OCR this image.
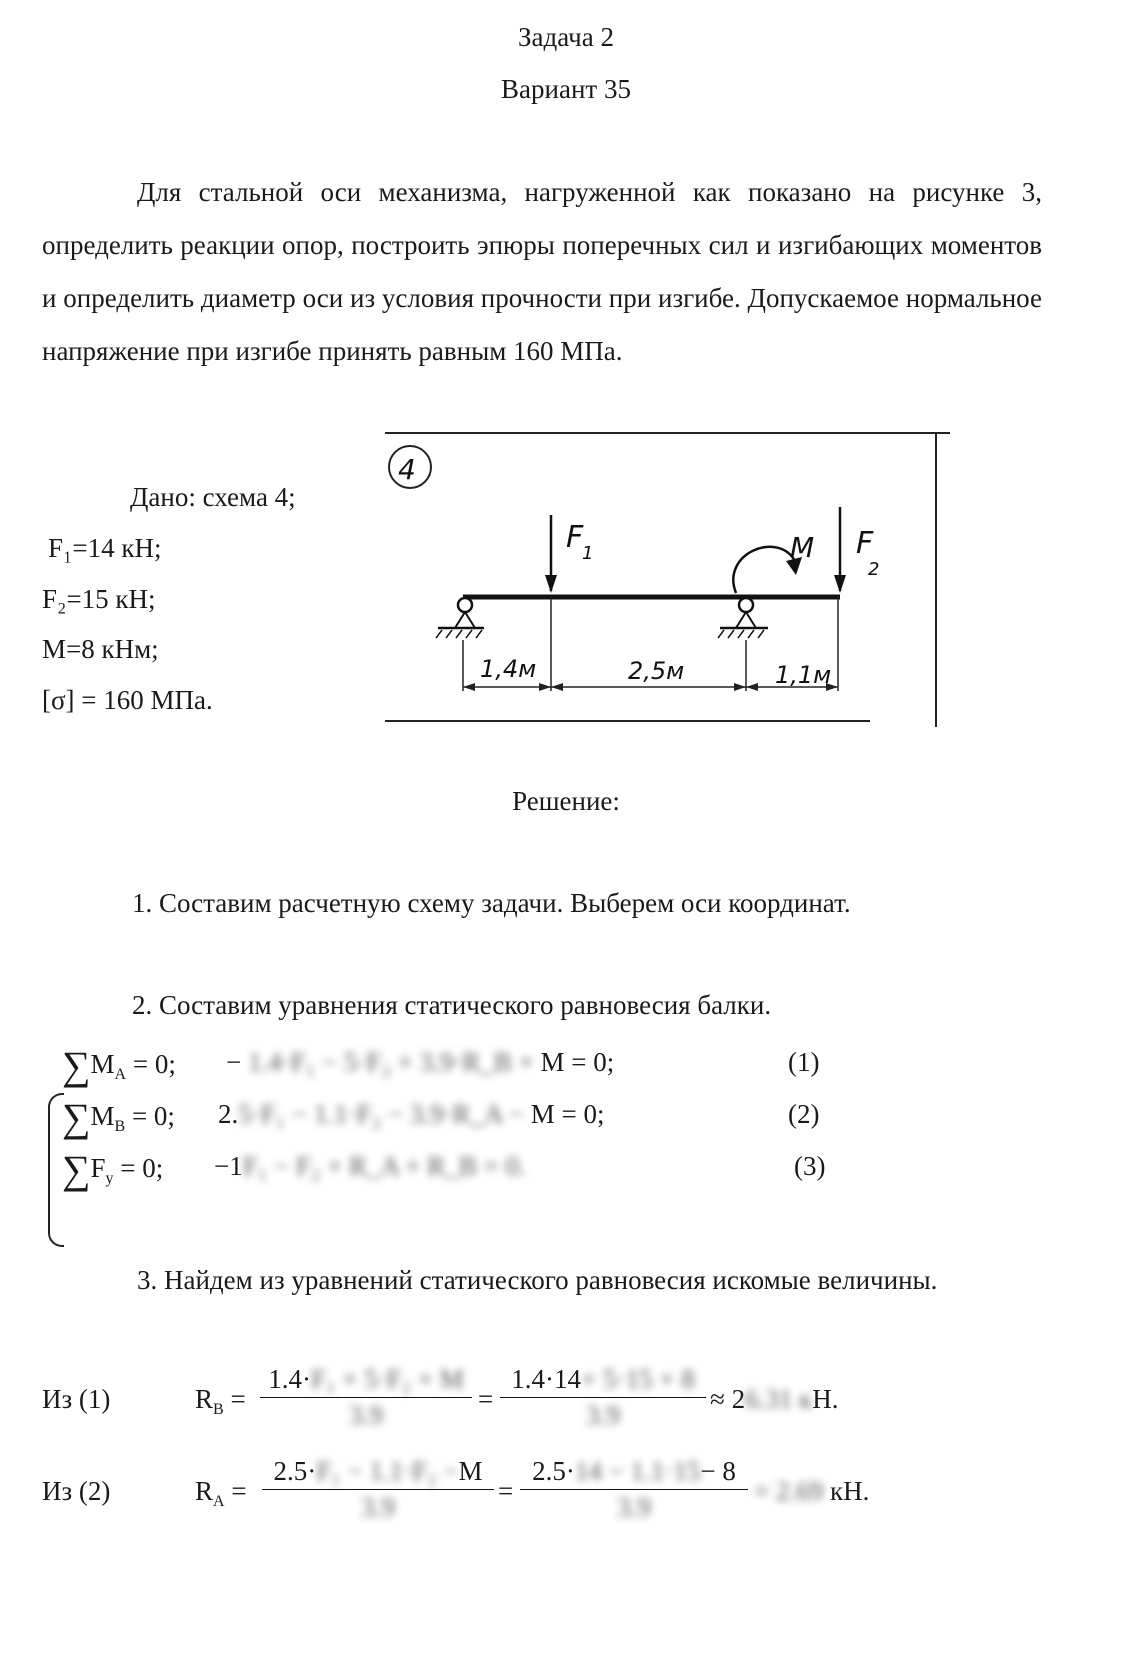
Задача 2
Вариант 35
Для стальной оси механизма, нагруженной как показано на рисунке 3, определить реакции опор, построить эпюры поперечных сил и изгибающих моментов и определить диаметр оси из условия прочности при изгибе. Допускаемое нормальное напряжение при изгибе принять равным 160 МПа.
Дано: схема 4;
F₁=14 кН;
F₂=15 кН;
M=8 кНм;
[σ] = 160 МПа.
4
F
1	F
2
M
1,4м	2,5м	1,1м
Решение:
1. Составим расчетную схему задачи. Выберем оси координат.
2. Составим уравнения статического равновесия балки.
$\sum M_A = 0$; − 1.4·F₁ − 5·F₂ + 3.9·R_B + M = 0;	(1)
$\sum M_B = 0$; 2.5·F₁ − 1.1·F₂ − 3.9·R_A − M = 0;	(2)
$\sum F_y = 0$; −1F₁ − F₂ + R_A + R_B = 0.	(3)
3. Найдем из уравнений статического равновесия искомые величины.
Из (1)	$R_B = \frac{\text{1.4·F₁ + 5·F₂ + M}}{3.9} = \frac{1.4\cdot 14+ 5\cdot 15 + 8}{3.9} \approx 26.31$ кН.
Из (2)	$R_A = \frac{\text{2.5·F₁ − 1.1·F₂ −M}}{3.9} = \frac{2.5\cdot 14 - 1.1\cdot 15- 8}{3.9} = 2.69$ кН.
